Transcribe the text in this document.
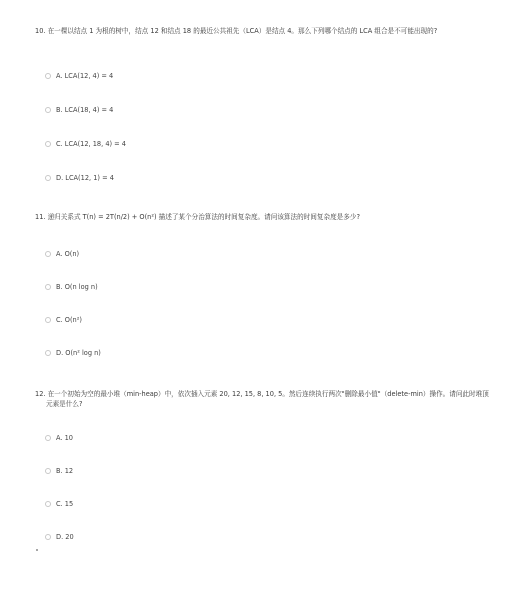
10. 在一棵以结点 1 为根的树中，结点 12 和结点 18 的最近公共祖先（LCA）是结点 4。那么下列哪个结点的 LCA 组合是不可能出现的?
A. LCA(12, 4) = 4
B. LCA(18, 4) = 4
C. LCA(12, 18, 4) = 4
D. LCA(12, 1) = 4
11. 递归关系式 T(n) = 2T(n/2) + O(n²) 描述了某个分治算法的时间复杂度。请问该算法的时间复杂度是多少?
A. O(n)
B. O(n log n)
C. O(n²)
D. O(n² log n)
12. 在一个初始为空的最小堆（min-heap）中，依次插入元素 20, 12, 15, 8, 10, 5。然后连续执行两次"删除最小值"（delete-min）操作。请问此时堆顶元素是什么?
A. 10
B. 12
C. 15
D. 20
